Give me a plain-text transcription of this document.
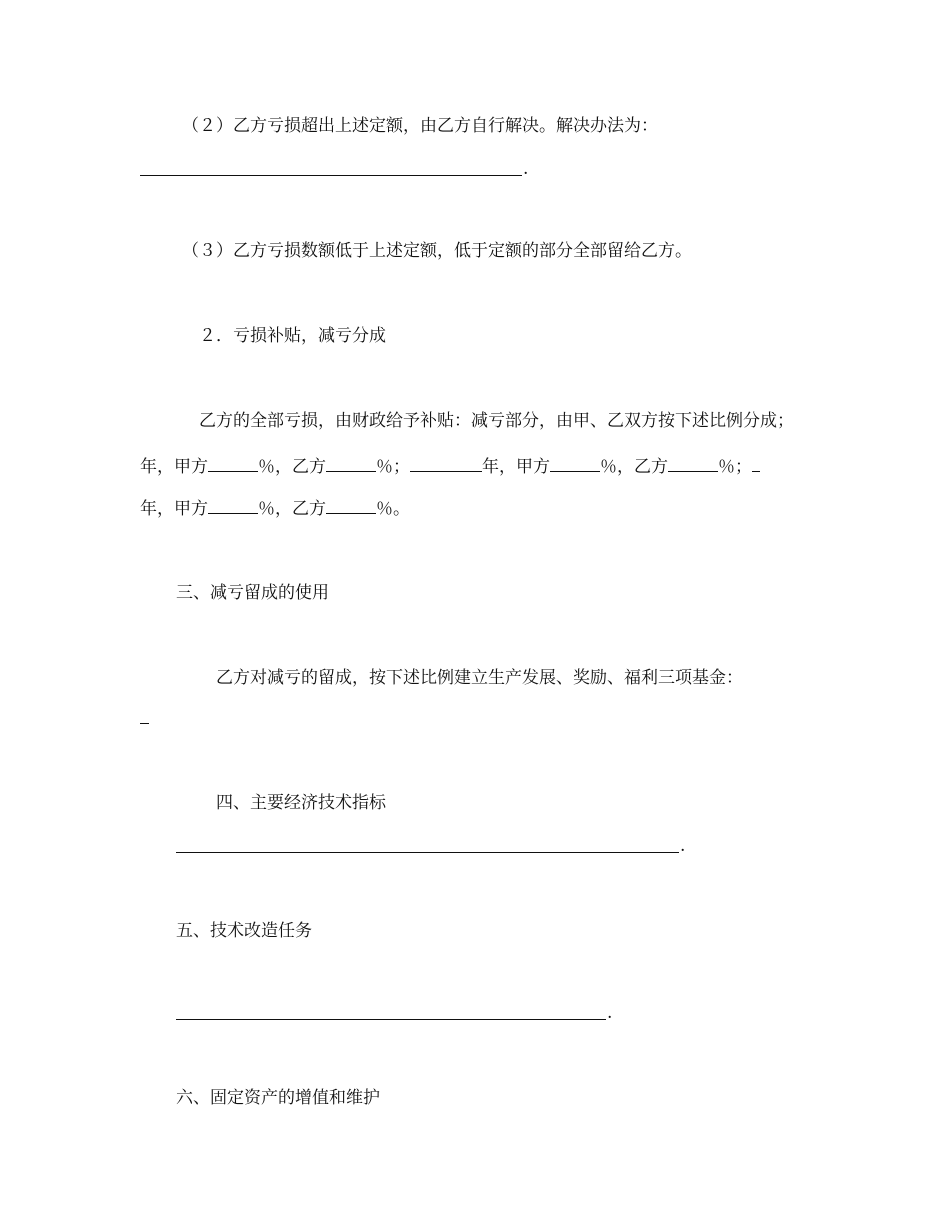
（２）乙方亏损超出上述定额，由乙方自行解决。解决办法为：
.
（３）乙方亏损数额低于上述定额，低于定额的部分全部留给乙方。
２．亏损补贴，减亏分成
乙方的全部亏损，由财政给予补贴：减亏部分，由甲、乙双方按下述比例分成；
年，甲方	％，乙方	％；	年，甲方	％，乙方	％；
年，甲方	％，乙方	％。
三、减亏留成的使用
乙方对减亏的留成，按下述比例建立生产发展、奖励、福利三项基金：
四、主要经济技术指标
.
五、技术改造任务
.
六、固定资产的增值和维护
